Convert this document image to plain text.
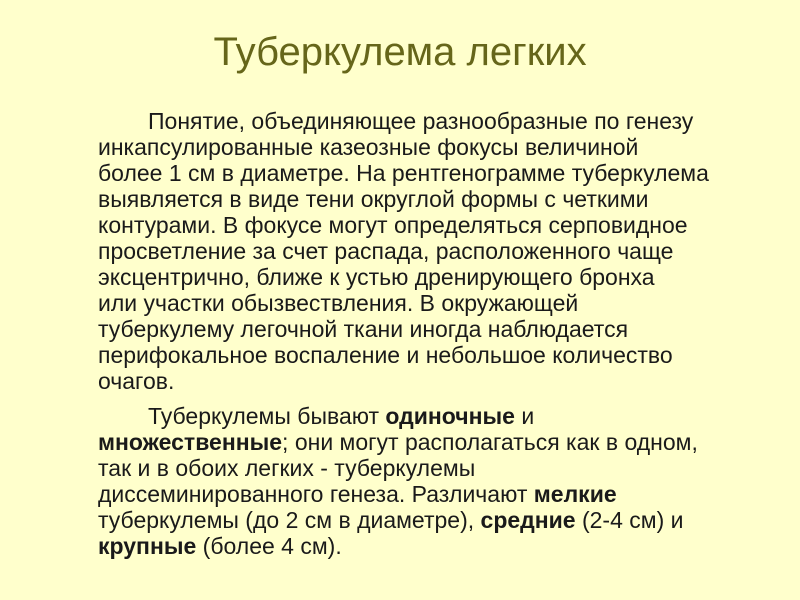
Туберкулема легких
Понятие, объединяющее разнообразные по генезу
инкапсулированные казеозные фокусы величиной
более 1 см в диаметре. На рентгенограмме туберкулема
выявляется в виде тени округлой формы с четкими
контурами. В фокусе могут определяться серповидное
просветление за счет распада, расположенного чаще
эксцентрично, ближе к устью дренирующего бронха
или участки обызвествления. В окружающей
туберкулему легочной ткани иногда наблюдается
перифокальное воспаление и небольшое количество
очагов.
Туберкулемы бывают одиночные и
множественные; они могут располагаться как в одном,
так и в обоих легких - туберкулемы
диссеминированного генеза. Различают мелкие
туберкулемы (до 2 см в диаметре), средние (2-4 см) и
крупные (более 4 см).
